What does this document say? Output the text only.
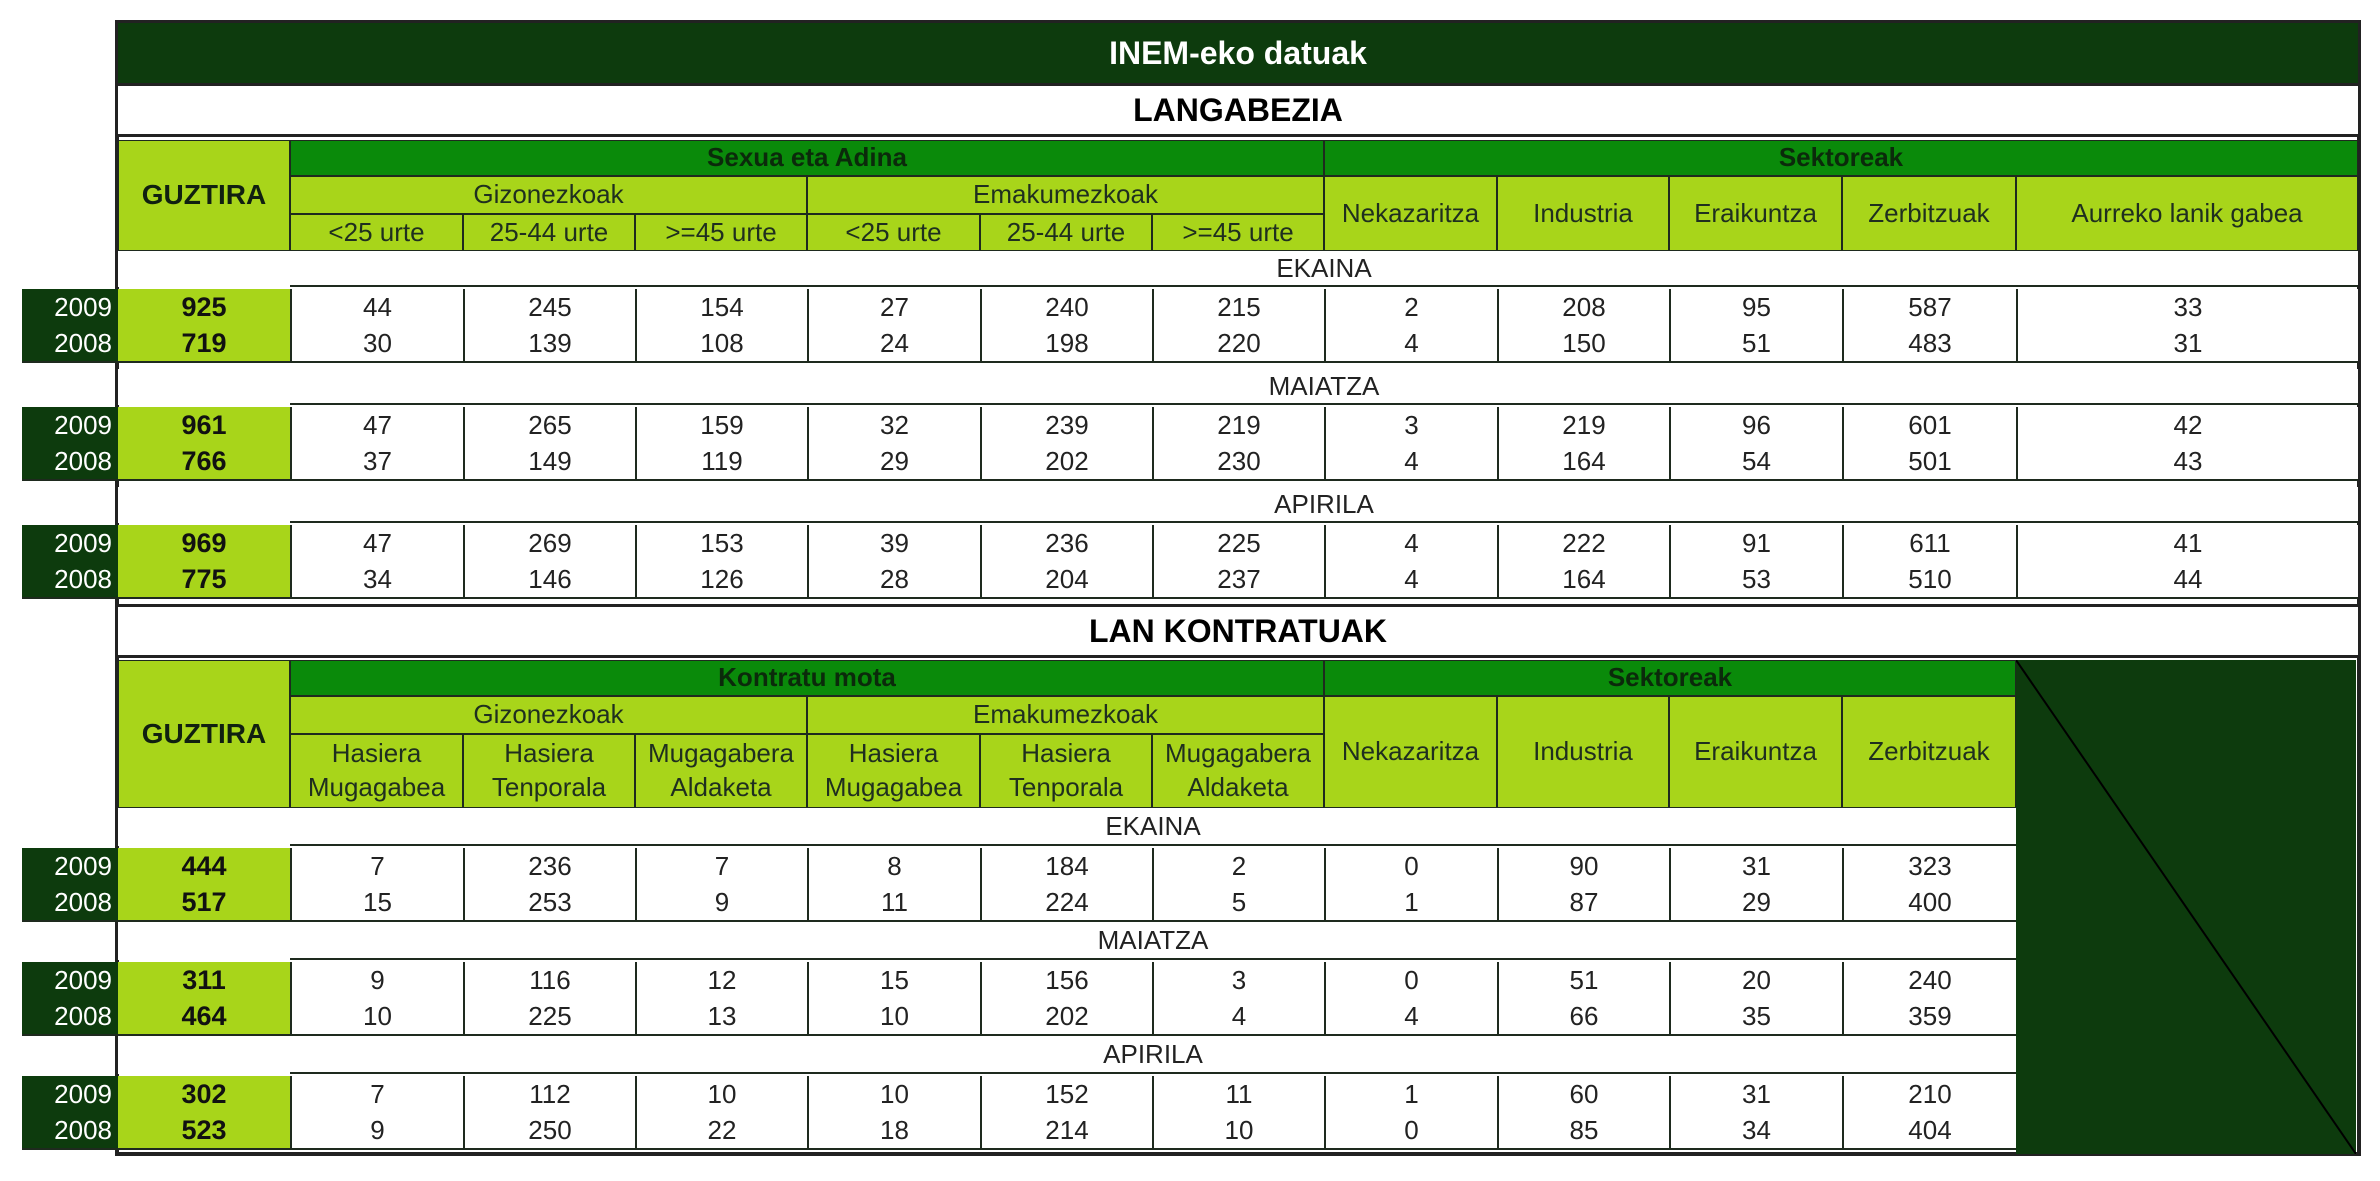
INEM-eko datuak
LANGABEZIA
GUZTIRA
Sexua eta Adina	Sektoreak
Gizonezkoak	Emakumezkoak
<25 urte	25-44 urte	>=45 urte	<25 urte	25-44 urte	>=45 urte
Nekazaritza	Industria	Eraikuntza	Zerbitzuak	Aurreko lanik gabea
EKAINA
2009	925	44	245	154	27	240	215	2	208	95	587	33
2008	719	30	139	108	24	198	220	4	150	51	483	31
MAIATZA
2009	961	47	265	159	32	239	219	3	219	96	601	42
2008	766	37	149	119	29	202	230	4	164	54	501	43
APIRILA
2009	969	47	269	153	39	236	225	4	222	91	611	41
2008	775	34	146	126	28	204	237	4	164	53	510	44
LAN KONTRATUAK
GUZTIRA
Kontratu mota	Sektoreak
Gizonezkoak	Emakumezkoak
Hasiera
Mugagabea
Hasiera
Tenporala
Mugagabera
Aldaketa
Hasiera
Mugagabea
Hasiera
Tenporala
Mugagabera
Aldaketa
Nekazaritza	Industria	Eraikuntza	Zerbitzuak
EKAINA
2009	444	7	236	7	8	184	2	0	90	31	323
2008	517	15	253	9	11	224	5	1	87	29	400
MAIATZA
2009	311	9	116	12	15	156	3	0	51	20	240
2008	464	10	225	13	10	202	4	4	66	35	359
APIRILA
2009	302	7	112	10	10	152	11	1	60	31	210
2008	523	9	250	22	18	214	10	0	85	34	404
